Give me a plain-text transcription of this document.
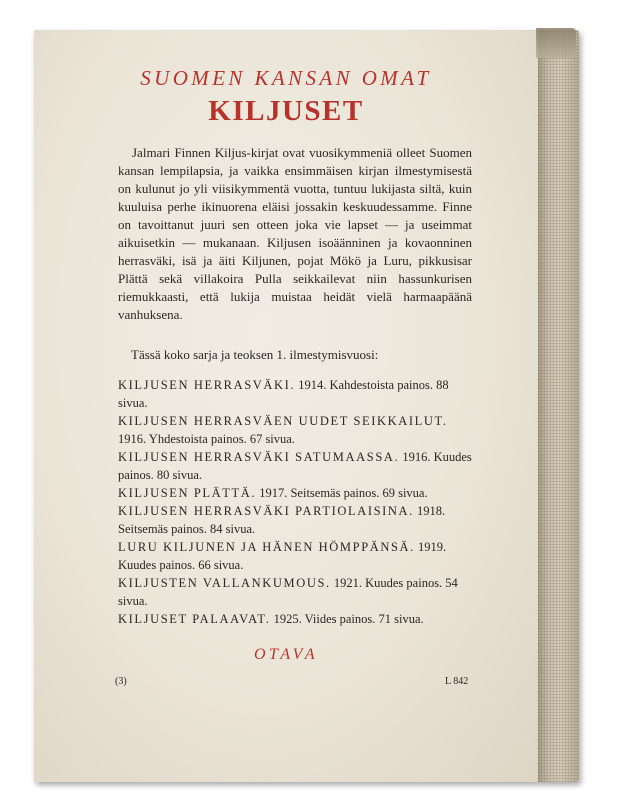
SUOMEN KANSAN OMAT
KILJUSET

Jalmari Finnen Kiljus-kirjat ovat vuosikymmeniä olleet Suomen kansan lempilapsia, ja vaikka ensimmäisen kirjan ilmestymisestä on kulunut jo yli viisikymmentä vuotta, tuntuu lukijasta siltä, kuin kuuluisa perhe ikinuorena eläisi jossakin keskuudessamme. Finne on tavoittanut juuri sen otteen joka vie lapset — ja useimmat aikuisetkin — mukanaan. Kiljusen isoäänninen ja kovaonninen herrasväki, isä ja äiti Kiljunen, pojat Mökö ja Luru, pikkusisar Plättä sekä villakoira Pulla seikkailevat niin hassunkurisen riemukkaasti, että lukija muistaa heidät vielä harmaapäänä vanhuksena.

Tässä koko sarja ja teoksen 1. ilmestymisvuosi:
KILJUSEN HERRASVÄKI. 1914. Kahdestoista painos. 88 sivua.
KILJUSEN HERRASVÄEN UUDET SEIKKAILUT. 1916. Yhdestoista painos. 67 sivua.
KILJUSEN HERRASVÄKI SATUMAASSA. 1916. Kuudes painos. 80 sivua.
KILJUSEN PLÄTTÄ. 1917. Seitsemäs painos. 69 sivua.
KILJUSEN HERRASVÄKI PARTIOLAISINA. 1918. Seitsemäs painos. 84 sivua.
LURU KILJUNEN JA HÄNEN HÖMPPÄNSÄ. 1919. Kuudes painos. 66 sivua.
KILJUSTEN VALLANKUMOUS. 1921. Kuudes painos. 54 sivua.
KILJUSET PALAAVAT. 1925. Viides painos. 71 sivua.
OTAVA
(3)	L 842
